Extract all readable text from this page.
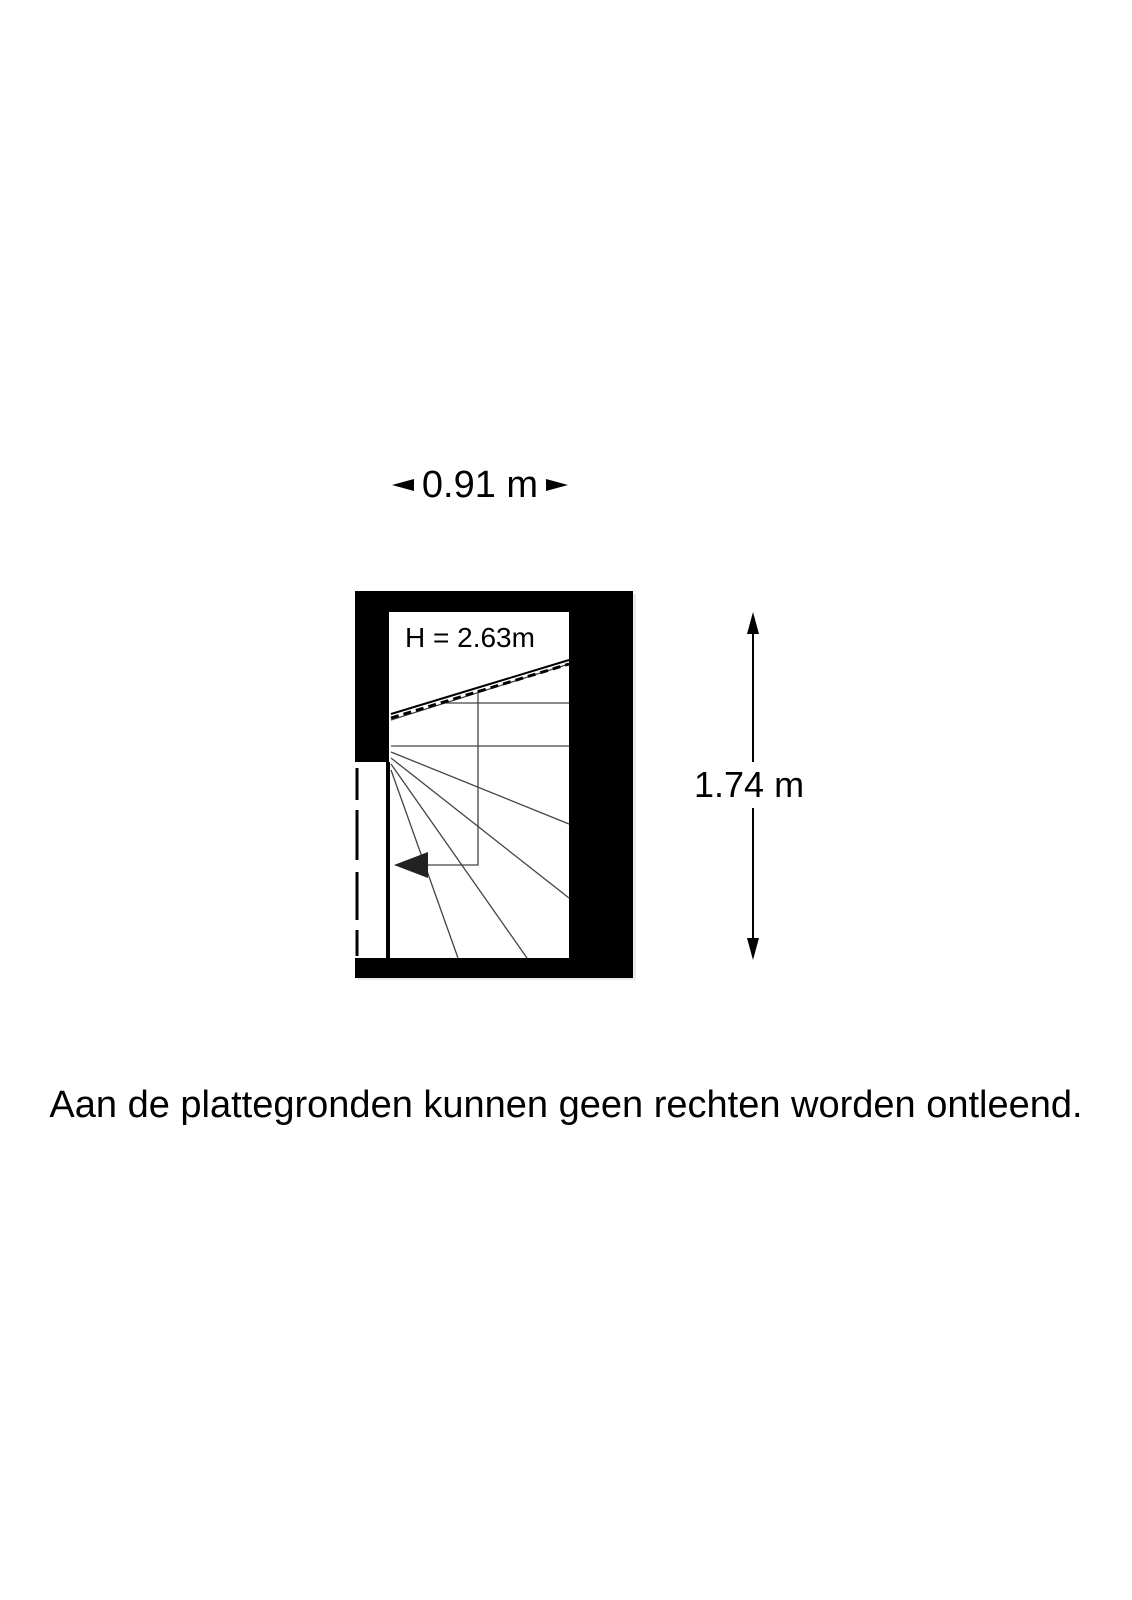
0.91 m
H = 2.63m
1.74 m
Aan de plattegronden kunnen geen rechten worden ontleend.
